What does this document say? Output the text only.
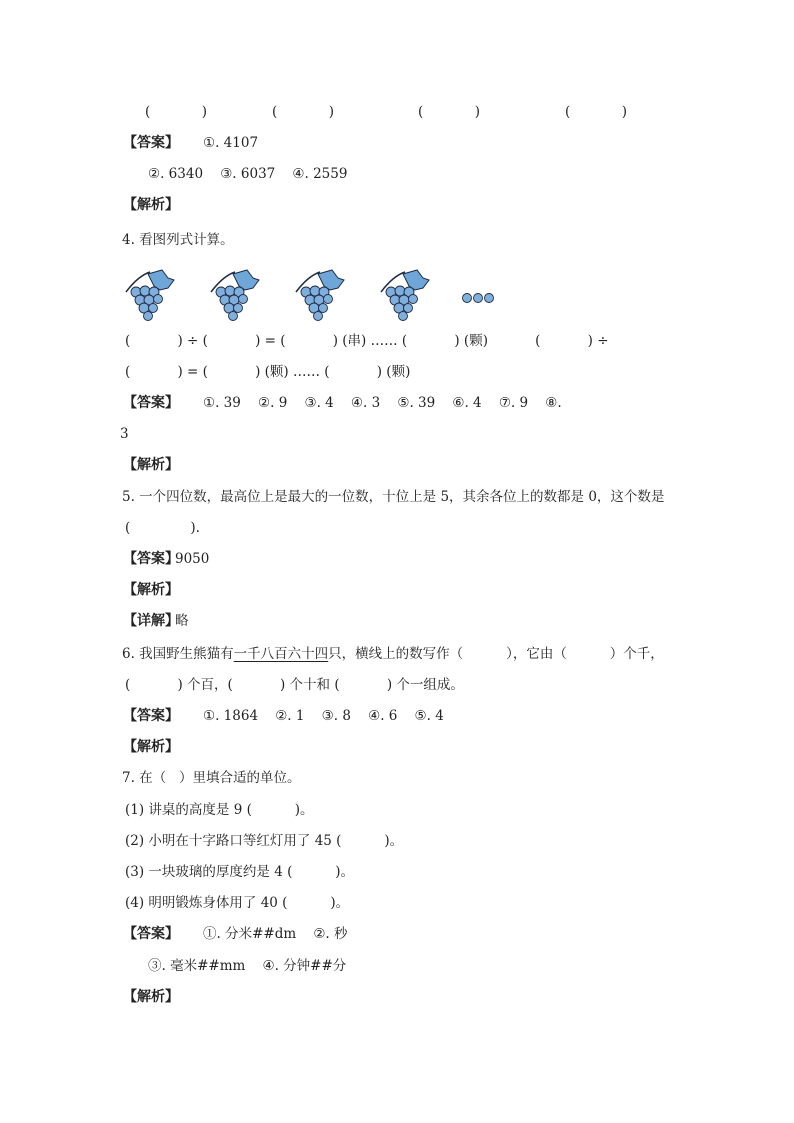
(            )	(            )	(            )	(            )
【答案】 ①. 4107
②. 6340    ③. 6037    ④. 2559
【解析】
4. 看图列式计算。
(           ) ÷ (           ) = (           ) (串) …… (           ) (颗)           (           ) ÷
(           ) = (           ) (颗) …… (           ) (颗)
【答案】 ①. 39    ②. 9    ③. 4    ④. 3    ⑤. 39    ⑥. 4    ⑦. 9    ⑧.
3
【解析】
5. 一个四位数，最高位上是最大的一位数，十位上是 5，其余各位上的数都是 0，这个数是
(              ).
【答案】
9050
【解析】
【详解】
略
6. 我国野生熊猫有一千八百六十四只，横线上的数写作（          ），它由（          ）个千，
(           ) 个百，(           ) 个十和 (           ) 个一组成。
【答案】 ①. 1864    ②. 1    ③. 8    ④. 6    ⑤. 4
【解析】
7. 在（   ）里填合适的单位。
(1) 讲桌的高度是 9 (          )。
(2) 小明在十字路口等红灯用了 45 (          )。
(3) 一块玻璃的厚度约是 4 (          )。
(4) 明明锻炼身体用了 40 (          )。
【答案】 ①. 分米##dm    ②. 秒
③. 毫米##mm    ④. 分钟##分
【解析】
